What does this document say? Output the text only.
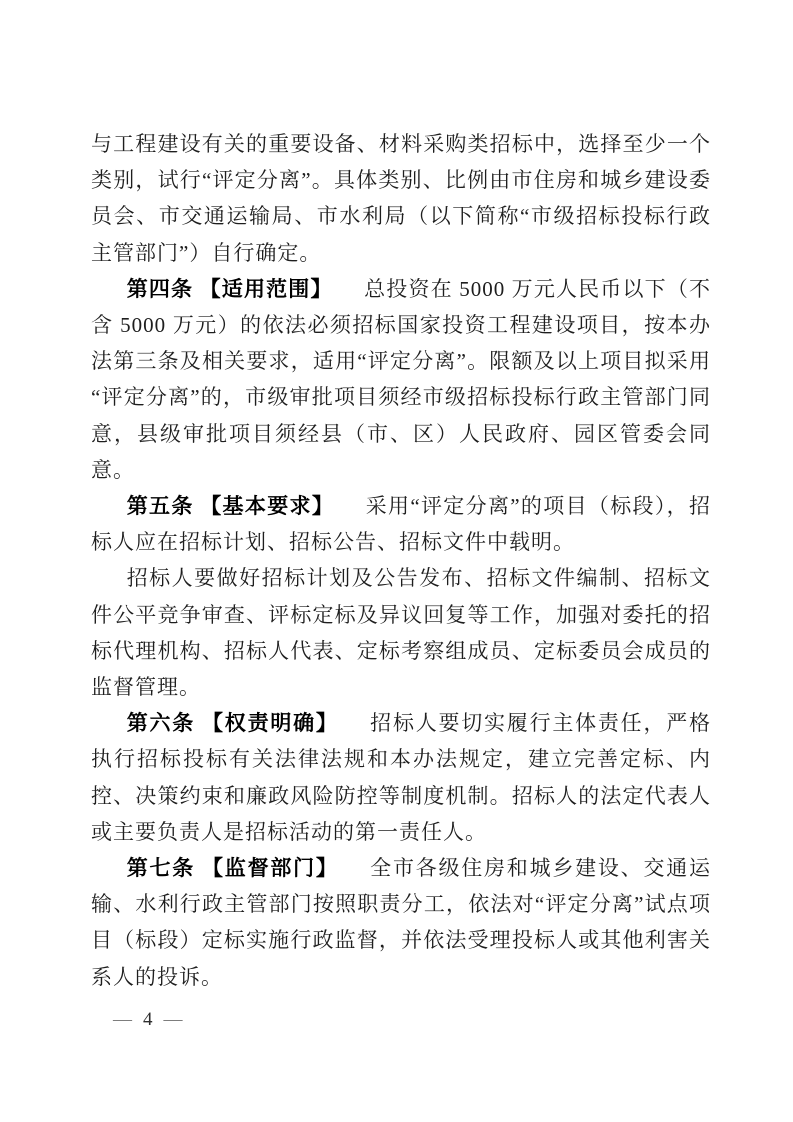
与工程建设有关的重要设备、材料采购类招标中，选择至少一个类别，试行“评定分离”。具体类别、比例由市住房和城乡建设委员会、市交通运输局、市水利局（以下简称“市级招标投标行政主管部门”）自行确定。

第四条 【适用范围】 总投资在 5000 万元人民币以下（不含 5000 万元）的依法必须招标国家投资工程建设项目，按本办法第三条及相关要求，适用“评定分离”。限额及以上项目拟采用“评定分离”的，市级审批项目须经市级招标投标行政主管部门同意，县级审批项目须经县（市、区）人民政府、园区管委会同意。

第五条 【基本要求】 采用“评定分离”的项目（标段），招标人应在招标计划、招标公告、招标文件中载明。

招标人要做好招标计划及公告发布、招标文件编制、招标文件公平竞争审查、评标定标及异议回复等工作，加强对委托的招标代理机构、招标人代表、定标考察组成员、定标委员会成员的监督管理。

第六条 【权责明确】 招标人要切实履行主体责任，严格执行招标投标有关法律法规和本办法规定，建立完善定标、内控、决策约束和廉政风险防控等制度机制。招标人的法定代表人或主要负责人是招标活动的第一责任人。

第七条 【监督部门】 全市各级住房和城乡建设、交通运输、水利行政主管部门按照职责分工，依法对“评定分离”试点项目（标段）定标实施行政监督，并依法受理投标人或其他利害关系人的投诉。

— 4 —
